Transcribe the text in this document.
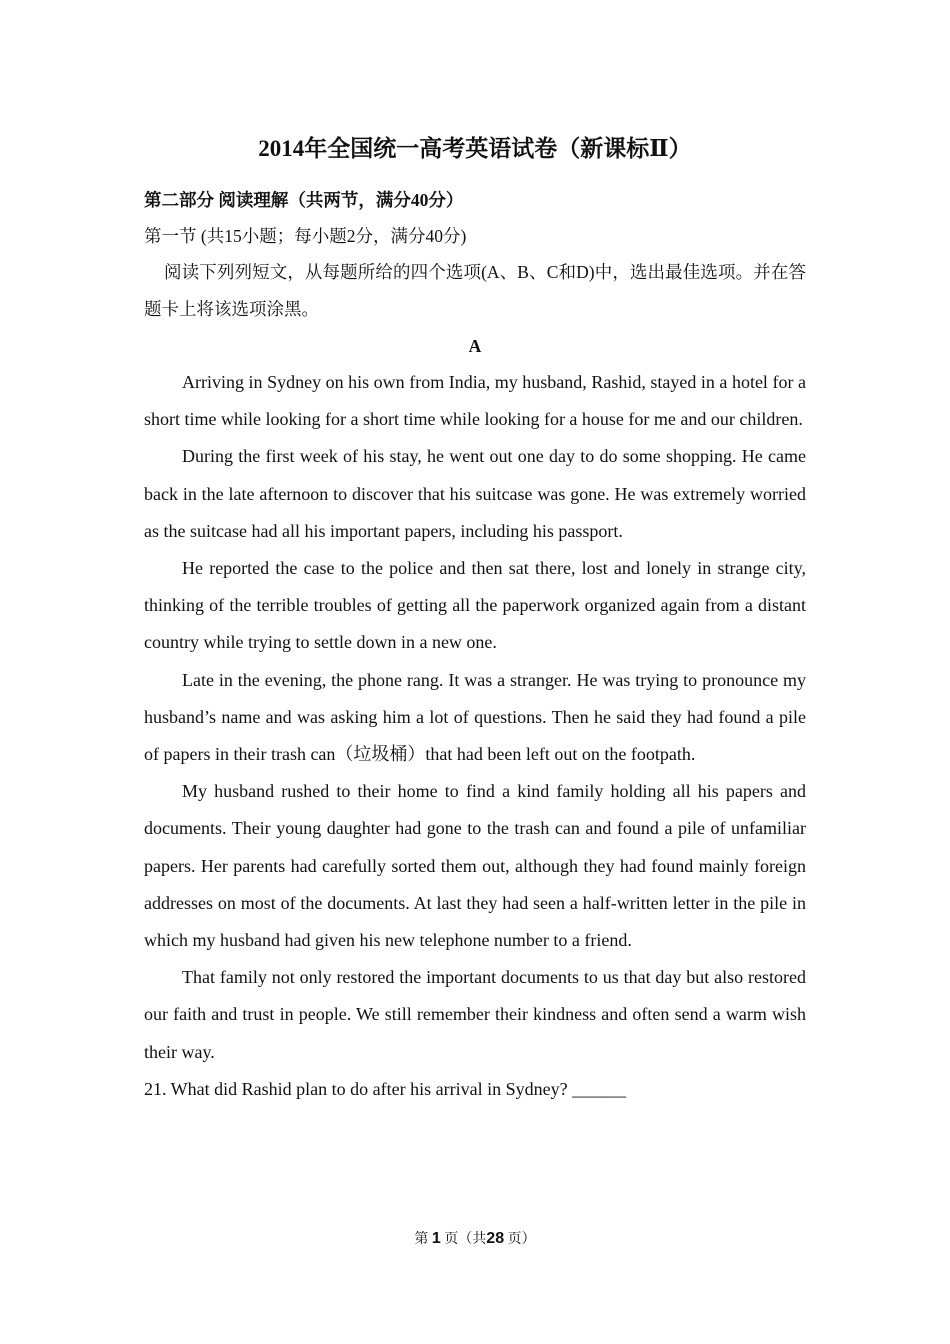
2014年全国统一高考英语试卷（新课标Ⅱ）
第二部分 阅读理解（共两节，满分40分）
第一节 (共15小题；每小题2分，满分40分)
阅读下列列短文，从每题所给的四个选项(A、B、C和D)中，选出最佳选项。并在答题卡上将该选项涂黑。
A

Arriving in Sydney on his own from India, my husband, Rashid, stayed in a hotel for a short time while looking for a short time while looking for a house for me and our children.

During the first week of his stay, he went out one day to do some shopping. He came back in the late afternoon to discover that his suitcase was gone. He was extremely worried as the suitcase had all his important papers, including his passport.

He reported the case to the police and then sat there, lost and lonely in strange city, thinking of the terrible troubles of getting all the paperwork organized again from a distant country while trying to settle down in a new one.

Late in the evening, the phone rang. It was a stranger. He was trying to pronounce my husband’s name and was asking him a lot of questions. Then he said they had found a pile of papers in their trash can（垃圾桶）that had been left out on the footpath.

My husband rushed to their home to find a kind family holding all his papers and documents. Their young daughter had gone to the trash can and found a pile of unfamiliar papers. Her parents had carefully sorted them out, although they had found mainly foreign addresses on most of the documents. At last they had seen a half-written letter in the pile in which my husband had given his new telephone number to a friend.

That family not only restored the important documents to us that day but also restored our faith and trust in people. We still remember their kindness and often send a warm wish their way.

21. What did Rashid plan to do after his arrival in Sydney? ______
第 1 页（共28 页）
